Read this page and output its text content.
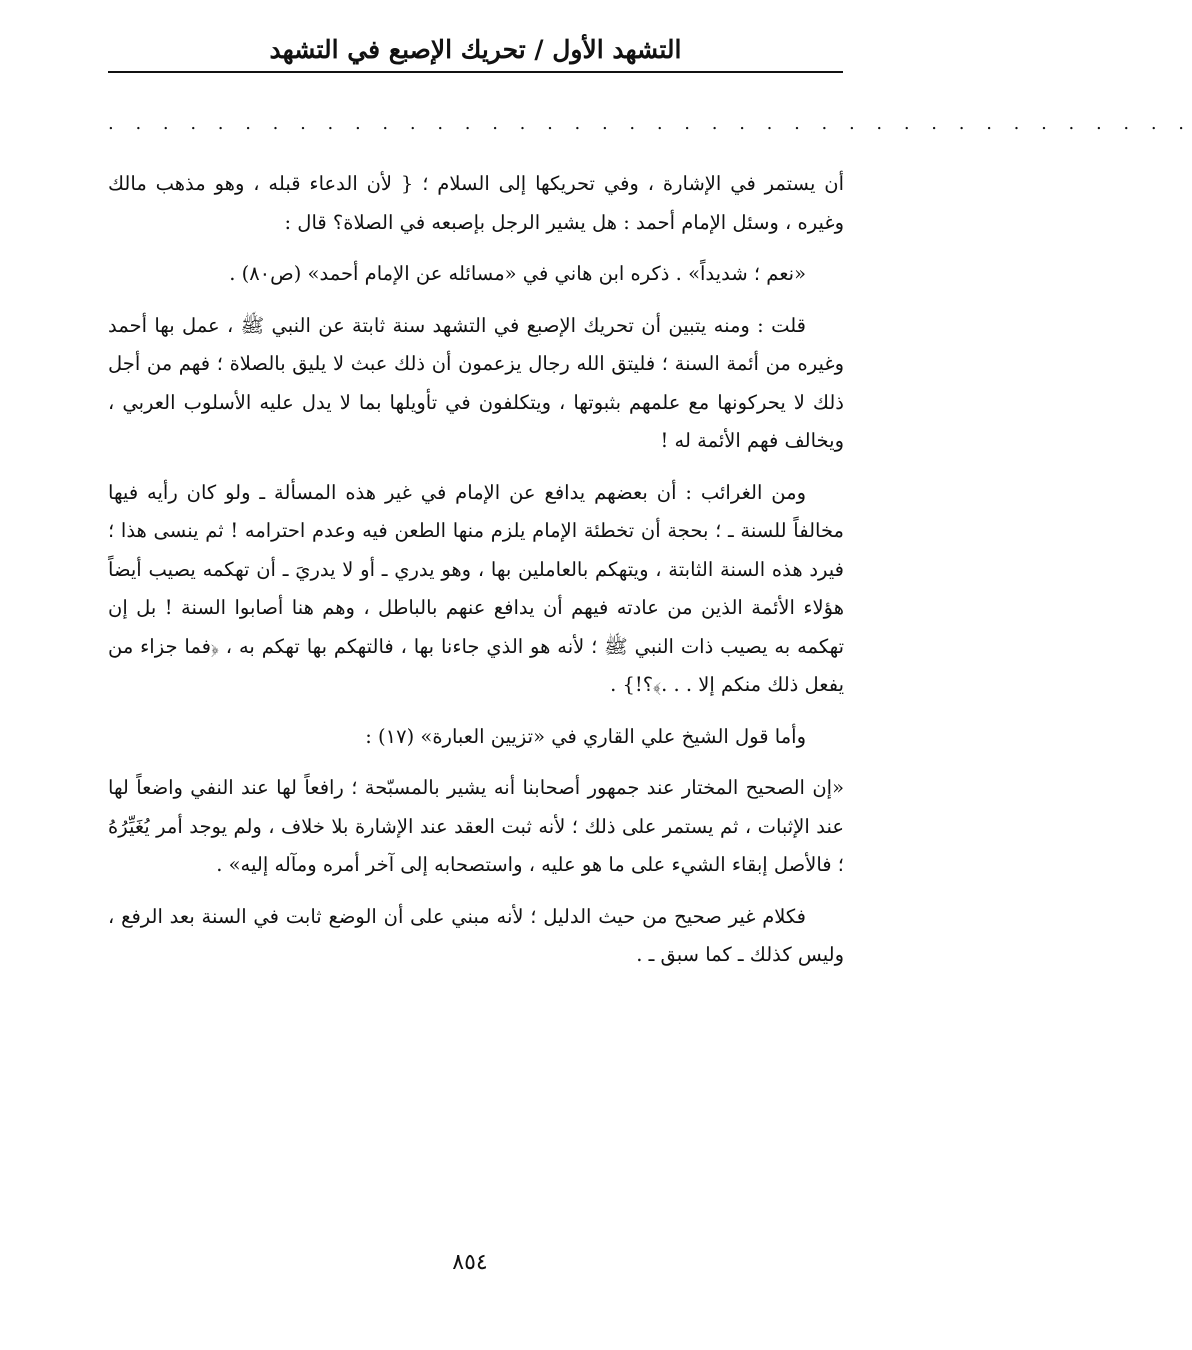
التشهد الأول / تحريك الإصبع في التشهد
. . . . . . . . . . . . . . . . . . . . . . . . . . . . . . . . . . . . . . . .

أن يستمر في الإشارة ، وفي تحريكها إلى السلام ؛ { لأن الدعاء قبله ، وهو مذهب مالك وغيره ، وسئل الإمام أحمد : هل يشير الرجل بإصبعه في الصلاة؟ قال :

«نعم ؛ شديداً» . ذكره ابن هاني في «مسائله عن الإمام أحمد» (ص٨٠) .

قلت : ومنه يتبين أن تحريك الإصبع في التشهد سنة ثابتة عن النبي ﷺ ، عمل بها أحمد وغيره من أئمة السنة ؛ فليتق الله رجال يزعمون أن ذلك عبث لا يليق بالصلاة ؛ فهم من أجل ذلك لا يحركونها مع علمهم بثبوتها ، ويتكلفون في تأويلها بما لا يدل عليه الأسلوب العربي ، ويخالف فهم الأئمة له !

ومن الغرائب : أن بعضهم يدافع عن الإمام في غير هذه المسألة ـ ولو كان رأيه فيها مخالفاً للسنة ـ ؛ بحجة أن تخطئة الإمام يلزم منها الطعن فيه وعدم احترامه ! ثم ينسى هذا ؛ فيرد هذه السنة الثابتة ، ويتهكم بالعاملين بها ، وهو يدري ـ أو لا يدريَ ـ أن تهكمه يصيب أيضاً هؤلاء الأئمة الذين من عادته فيهم أن يدافع عنهم بالباطل ، وهم هنا أصابوا السنة ! بل إن تهكمه به يصيب ذات النبي ﷺ ؛ لأنه هو الذي جاءنا بها ، فالتهكم بها تهكم به ، ﴿فما جزاء من يفعل ذلك منكم إلا . . .﴾؟!} .

وأما قول الشيخ علي القاري في «تزيين العبارة» (١٧) :

«إن الصحيح المختار عند جمهور أصحابنا أنه يشير بالمسبّحة ؛ رافعاً لها عند النفي واضعاً لها عند الإثبات ، ثم يستمر على ذلك ؛ لأنه ثبت العقد عند الإشارة بلا خلاف ، ولم يوجد أمر يُغَيِّرُهُ ؛ فالأصل إبقاء الشيء على ما هو عليه ، واستصحابه إلى آخر أمره ومآله إليه» .

فكلام غير صحيح من حيث الدليل ؛ لأنه مبني على أن الوضع ثابت في السنة بعد الرفع ، وليس كذلك ـ كما سبق ـ .

٨٥٤
